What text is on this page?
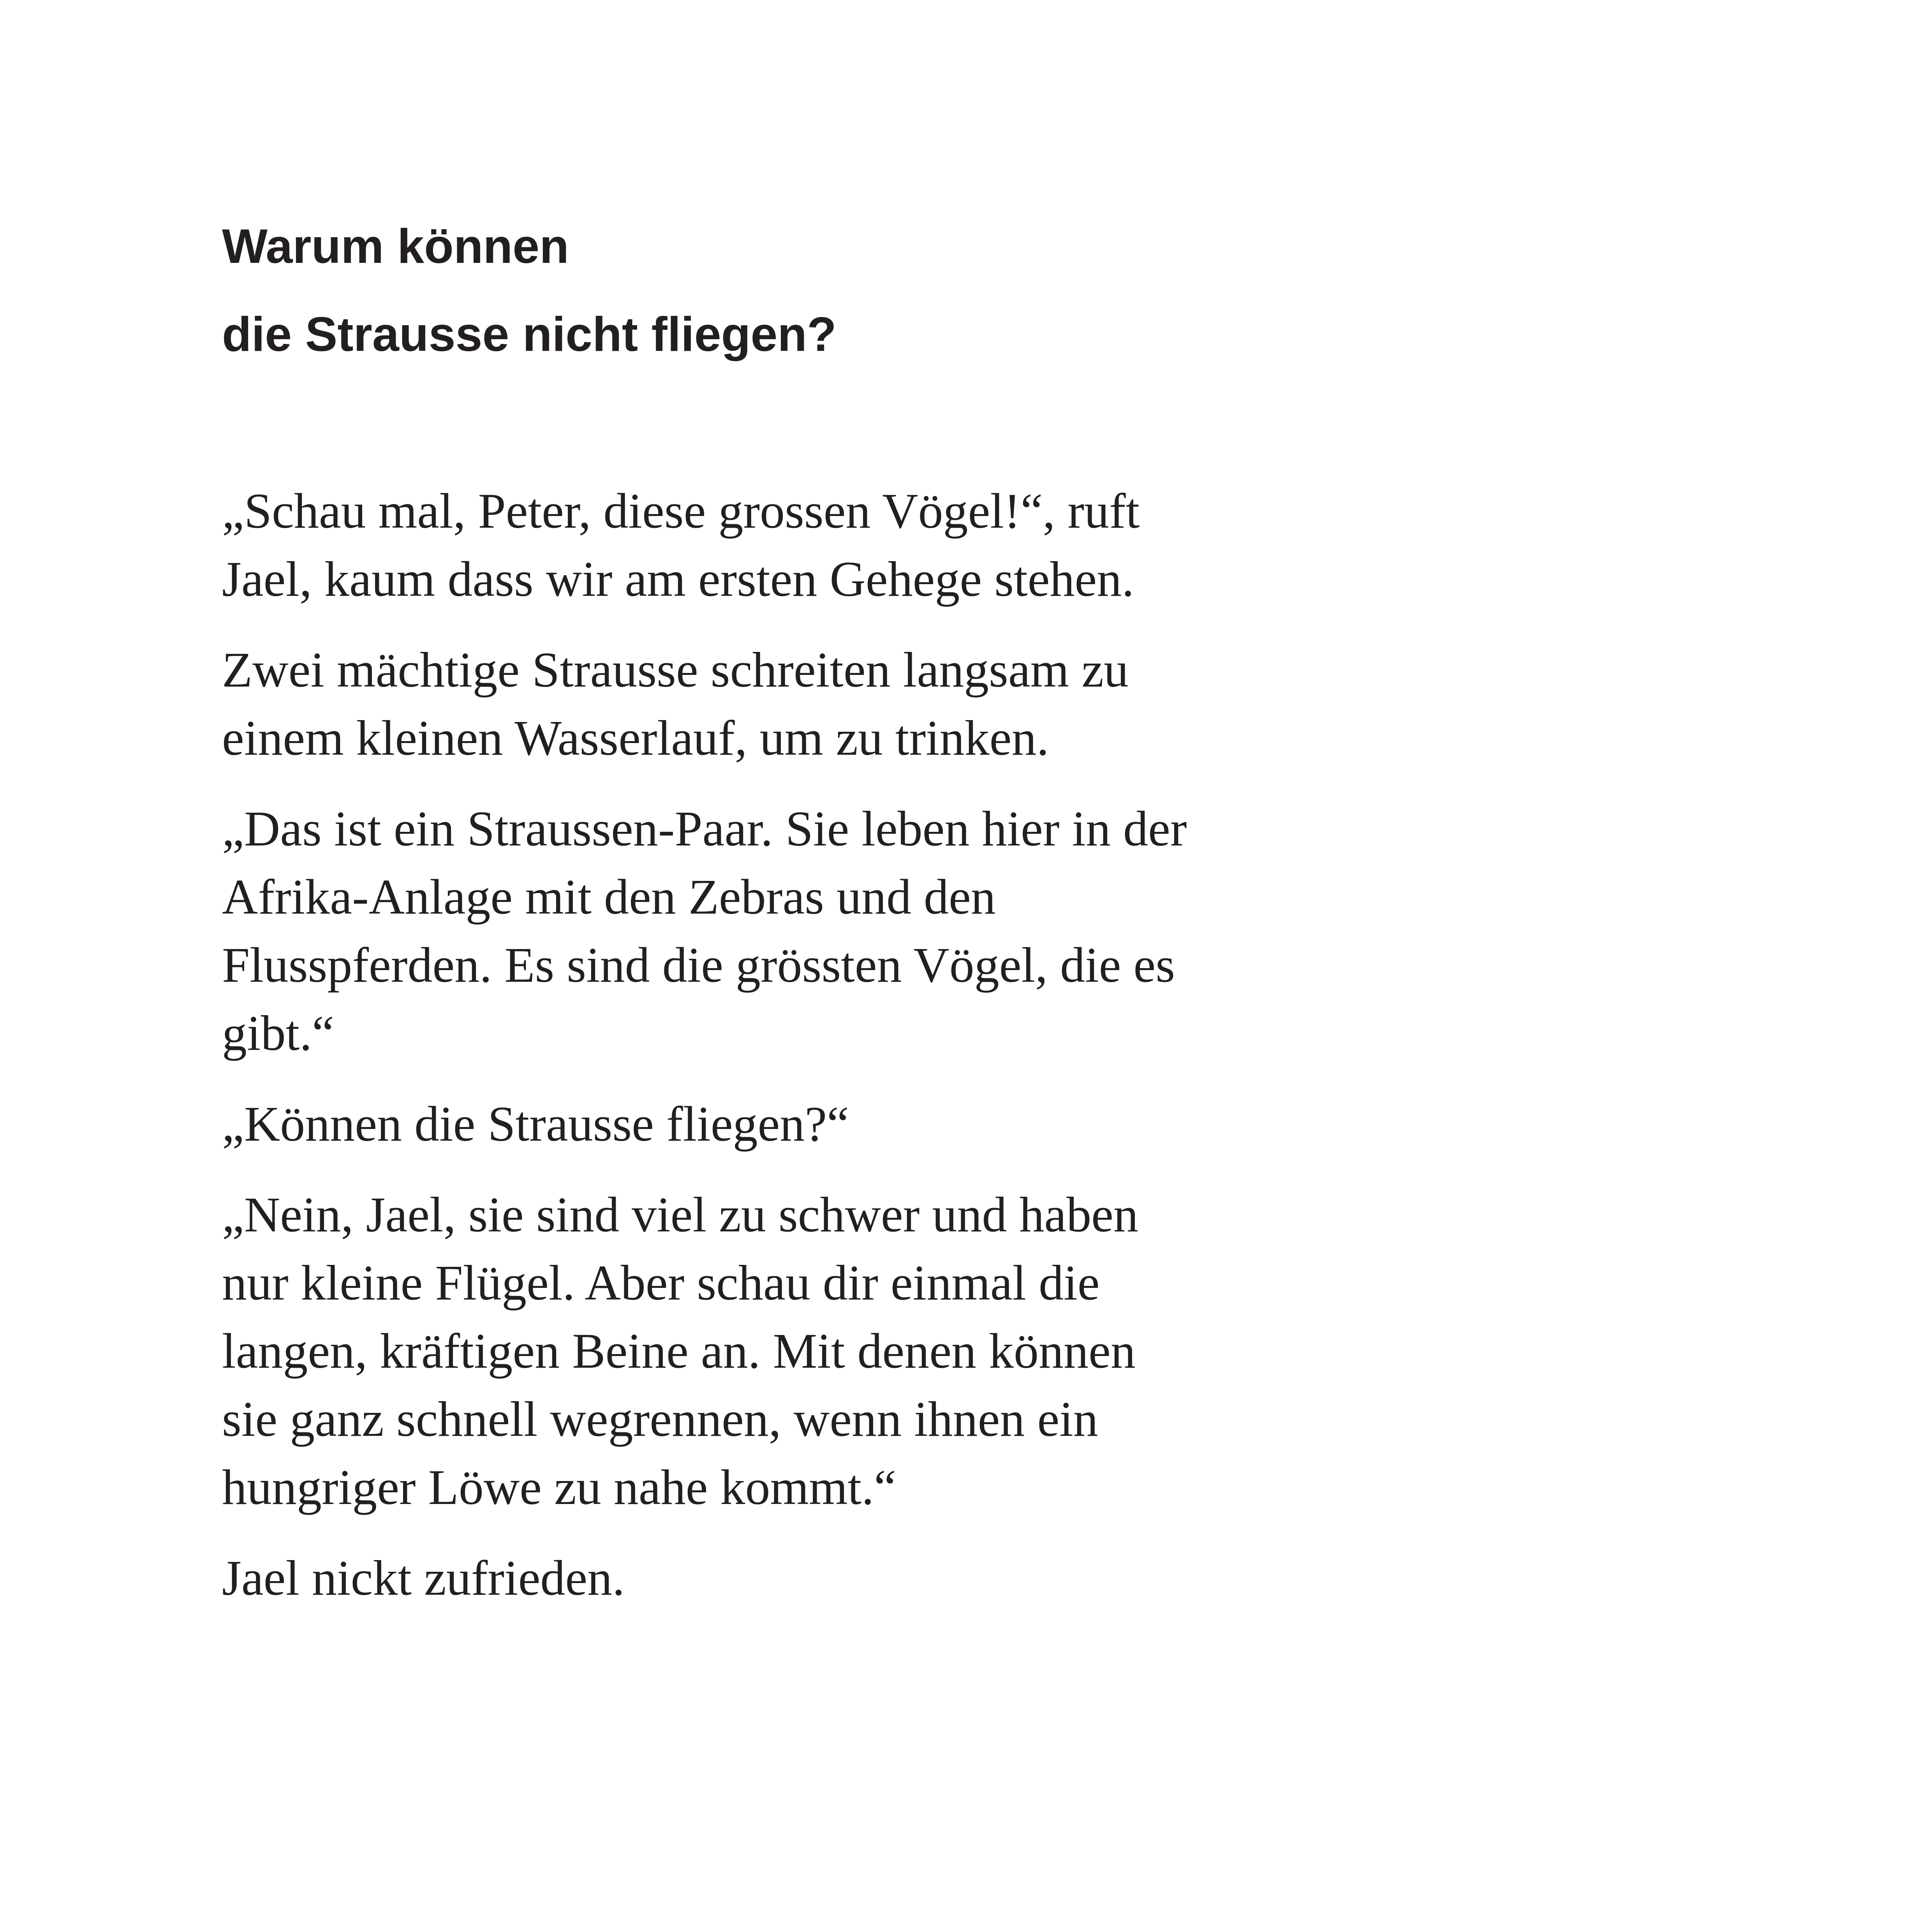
Warum können
die Strausse nicht fliegen?

„Schau mal, Peter, diese grossen Vögel!“, ruft
Jael, kaum dass wir am ersten Gehege stehen.

Zwei mächtige Strausse schreiten langsam zu
einem kleinen Wasserlauf, um zu trinken.

„Das ist ein Straussen-Paar. Sie leben hier in der
Afrika-Anlage mit den Zebras und den
Flusspferden. Es sind die grössten Vögel, die es
gibt.“

„Können die Strausse fliegen?“

„Nein, Jael, sie sind viel zu schwer und haben
nur kleine Flügel. Aber schau dir einmal die
langen, kräftigen Beine an. Mit denen können
sie ganz schnell wegrennen, wenn ihnen ein
hungriger Löwe zu nahe kommt.“

Jael nickt zufrieden.
